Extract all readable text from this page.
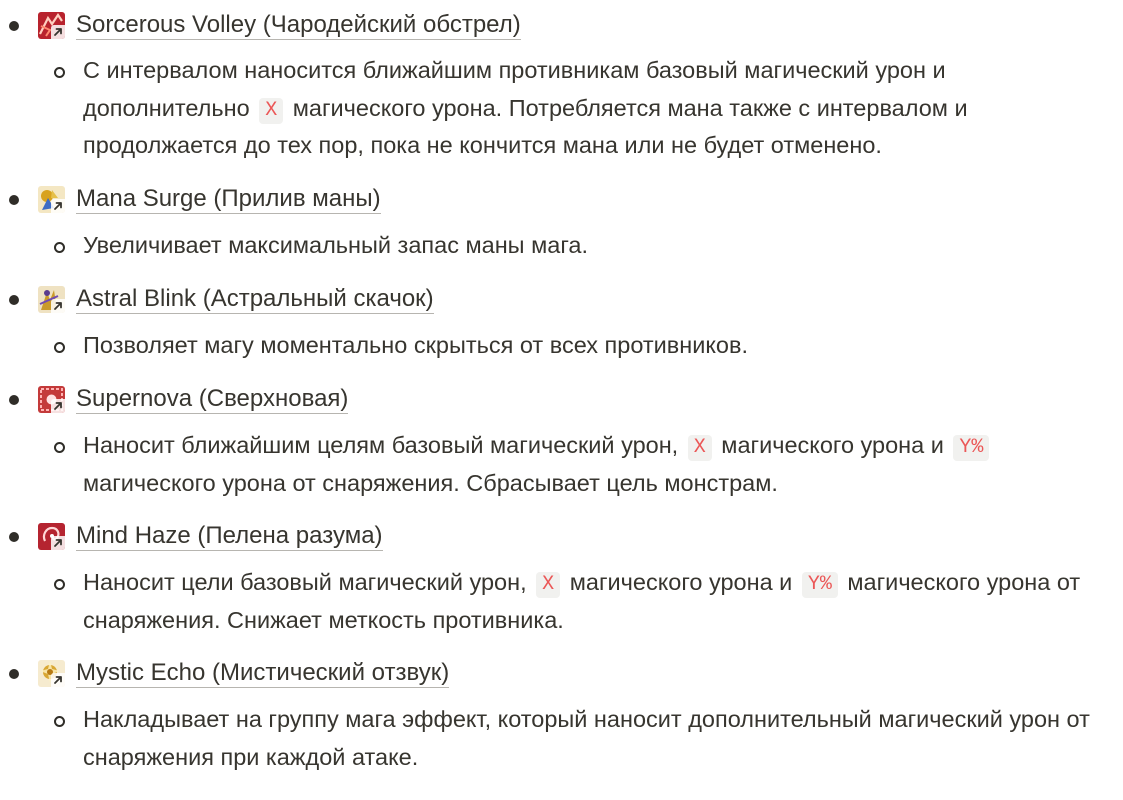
Sorcerous Volley (Чародейский обстрел)
С интервалом наносится ближайшим противникам базовый магический урон и дополнительно X магического урона. Потребляется мана также с интервалом и продолжается до тех пор, пока не кончится мана или не будет отменено.
Mana Surge (Прилив маны)
Увеличивает максимальный запас маны мага.
Astral Blink (Астральный скачок)
Позволяет магу моментально скрыться от всех противников.
Supernova (Сверхновая)
Наносит ближайшим целям базовый магический урон, X магического урона и Y% магического урона от снаряжения. Сбрасывает цель монстрам.
Mind Haze (Пелена разума)
Наносит цели базовый магический урон, X магического урона и Y% магического урона от снаряжения. Снижает меткость противника.
Mystic Echo (Мистический отзвук)
Накладывает на группу мага эффект, который наносит дополнительный магический урон от снаряжения при каждой атаке.
